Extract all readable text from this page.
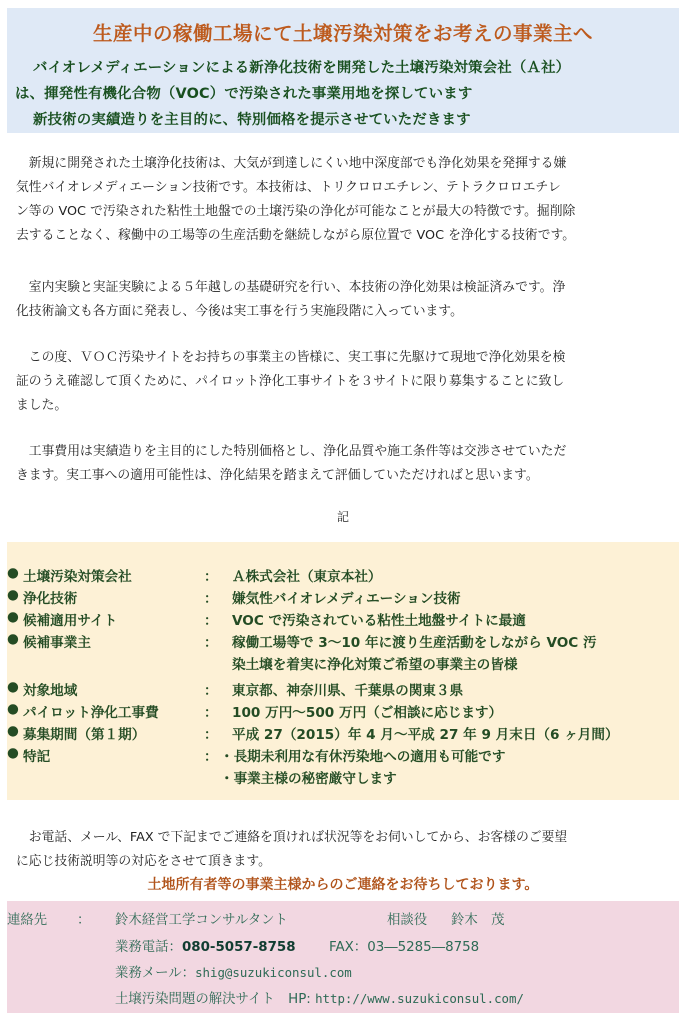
生産中の稼働工場にて土壌汚染対策をお考えの事業主へ
バイオレメディエーションによる新浄化技術を開発した土壌汚染対策会社（Ａ社）
は、揮発性有機化合物（VOC）で汚染された事業用地を探しています
新技術の実績造りを主目的に、特別価格を提示させていただきます
　新規に開発された土壌浄化技術は、大気が到達しにくい地中深度部でも浄化効果を発揮する嫌
気性バイオレメディエーション技術です。本技術は、トリクロロエチレン、テトラクロロエチレ
ン等の VOC で汚染された粘性土地盤での土壌汚染の浄化が可能なことが最大の特徴です。掘削除
去することなく、稼働中の工場等の生産活動を継続しながら原位置で VOC を浄化する技術です。
　室内実験と実証実験による５年越しの基礎研究を行い、本技術の浄化効果は検証済みです。浄
化技術論文も各方面に発表し、今後は実工事を行う実施段階に入っています。
　この度、ＶＯＣ汚染サイトをお持ちの事業主の皆様に、実工事に先駆けて現地で浄化効果を検
証のうえ確認して頂くために、パイロット浄化工事サイトを３サイトに限り募集することに致し
ました。
　工事費用は実績造りを主目的にした特別価格とし、浄化品質や施工条件等は交渉させていただ
きます。実工事への適用可能性は、浄化結果を踏まえて評価していただければと思います。
記
● 土壌汚染対策会社	： Ａ株式会社（東京本社）
● 浄化技術	： 嫌気性バイオレメディエーション技術
● 候補適用サイト	： VOC で汚染されている粘性土地盤サイトに最適
● 候補事業主	： 稼働工場等で 3～10 年に渡り生産活動をしながら VOC 汚
染土壌を着実に浄化対策ご希望の事業主の皆様
● 対象地域	： 東京都、神奈川県、千葉県の関東３県
● パイロット浄化工事費	： 100 万円～500 万円（ご相談に応じます）
● 募集期間（第１期）	： 平成 27（2015）年 4 月～平成 27 年 9 月末日（6 ヶ月間）
● 特記	： ・長期未利用な有休汚染地への適用も可能です
・事業主様の秘密厳守します
　お電話、メール、FAX で下記までご連絡を頂ければ状況等をお伺いしてから、お客様のご要望
に応じ技術説明等の対応をさせて頂きます。
土地所有者等の事業主様からのご連絡をお待ちしております。
連絡先 ： 鈴木経営工学コンサルタント	相談役 鈴木　茂
業務電話：080-5057-8758 FAX：03―5285―8758
業務メール：shig@suzukiconsul.com
土壌汚染問題の解決サイト　HP: http://www.suzukiconsul.com/
